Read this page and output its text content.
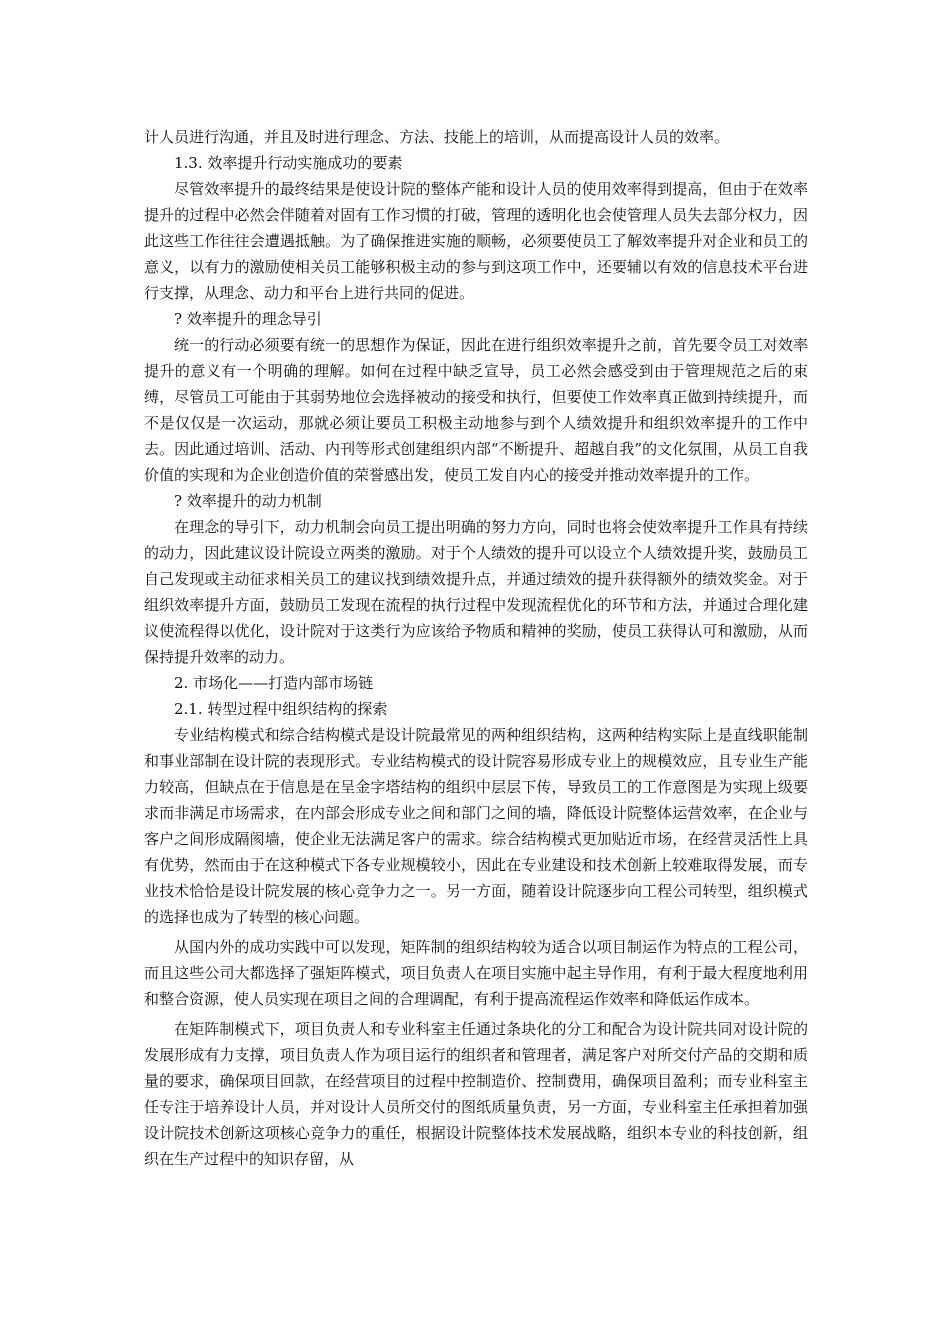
计人员进行沟通，并且及时进行理念、方法、技能上的培训，从而提高设计人员的效率。

1.3. 效率提升行动实施成功的要素

尽管效率提升的最终结果是使设计院的整体产能和设计人员的使用效率得到提高，但由于在效率提升的过程中必然会伴随着对固有工作习惯的打破，管理的透明化也会使管理人员失去部分权力，因此这些工作往往会遭遇抵触。为了确保推进实施的顺畅，必须要使员工了解效率提升对企业和员工的意义，以有力的激励使相关员工能够积极主动的参与到这项工作中，还要辅以有效的信息技术平台进行支撑，从理念、动力和平台上进行共同的促进。

? 效率提升的理念导引

统一的行动必须要有统一的思想作为保证，因此在进行组织效率提升之前，首先要令员工对效率提升的意义有一个明确的理解。如何在过程中缺乏宣导，员工必然会感受到由于管理规范之后的束缚，尽管员工可能由于其弱势地位会选择被动的接受和执行，但要使工作效率真正做到持续提升，而不是仅仅是一次运动，那就必须让要员工积极主动地参与到个人绩效提升和组织效率提升的工作中去。因此通过培训、活动、内刊等形式创建组织内部“不断提升、超越自我”的文化氛围，从员工自我价值的实现和为企业创造价值的荣誉感出发，使员工发自内心的接受并推动效率提升的工作。

? 效率提升的动力机制

在理念的导引下，动力机制会向员工提出明确的努力方向，同时也将会使效率提升工作具有持续的动力，因此建议设计院设立两类的激励。对于个人绩效的提升可以设立个人绩效提升奖，鼓励员工自己发现或主动征求相关员工的建议找到绩效提升点，并通过绩效的提升获得额外的绩效奖金。对于组织效率提升方面，鼓励员工发现在流程的执行过程中发现流程优化的环节和方法，并通过合理化建议使流程得以优化，设计院对于这类行为应该给予物质和精神的奖励，使员工获得认可和激励，从而保持提升效率的动力。

2. 市场化——打造内部市场链

2.1. 转型过程中组织结构的探索

专业结构模式和综合结构模式是设计院最常见的两种组织结构，这两种结构实际上是直线职能制和事业部制在设计院的表现形式。专业结构模式的设计院容易形成专业上的规模效应，且专业生产能力较高，但缺点在于信息是在呈金字塔结构的组织中层层下传，导致员工的工作意图是为实现上级要求而非满足市场需求，在内部会形成专业之间和部门之间的墙，降低设计院整体运营效率，在企业与客户之间形成隔阂墙，使企业无法满足客户的需求。综合结构模式更加贴近市场，在经营灵活性上具有优势，然而由于在这种模式下各专业规模较小，因此在专业建设和技术创新上较难取得发展，而专业技术恰恰是设计院发展的核心竞争力之一。另一方面，随着设计院逐步向工程公司转型，组织模式的选择也成为了转型的核心问题。

从国内外的成功实践中可以发现，矩阵制的组织结构较为适合以项目制运作为特点的工程公司，而且这些公司大都选择了强矩阵模式，项目负责人在项目实施中起主导作用，有利于最大程度地利用和整合资源，使人员实现在项目之间的合理调配，有利于提高流程运作效率和降低运作成本。

在矩阵制模式下，项目负责人和专业科室主任通过条块化的分工和配合为设计院共同对设计院的发展形成有力支撑，项目负责人作为项目运行的组织者和管理者，满足客户对所交付产品的交期和质量的要求，确保项目回款，在经营项目的过程中控制造价、控制费用，确保项目盈利；而专业科室主任专注于培养设计人员，并对设计人员所交付的图纸质量负责，另一方面，专业科室主任承担着加强设计院技术创新这项核心竞争力的重任，根据设计院整体技术发展战略，组织本专业的科技创新，组织在生产过程中的知识存留，从
